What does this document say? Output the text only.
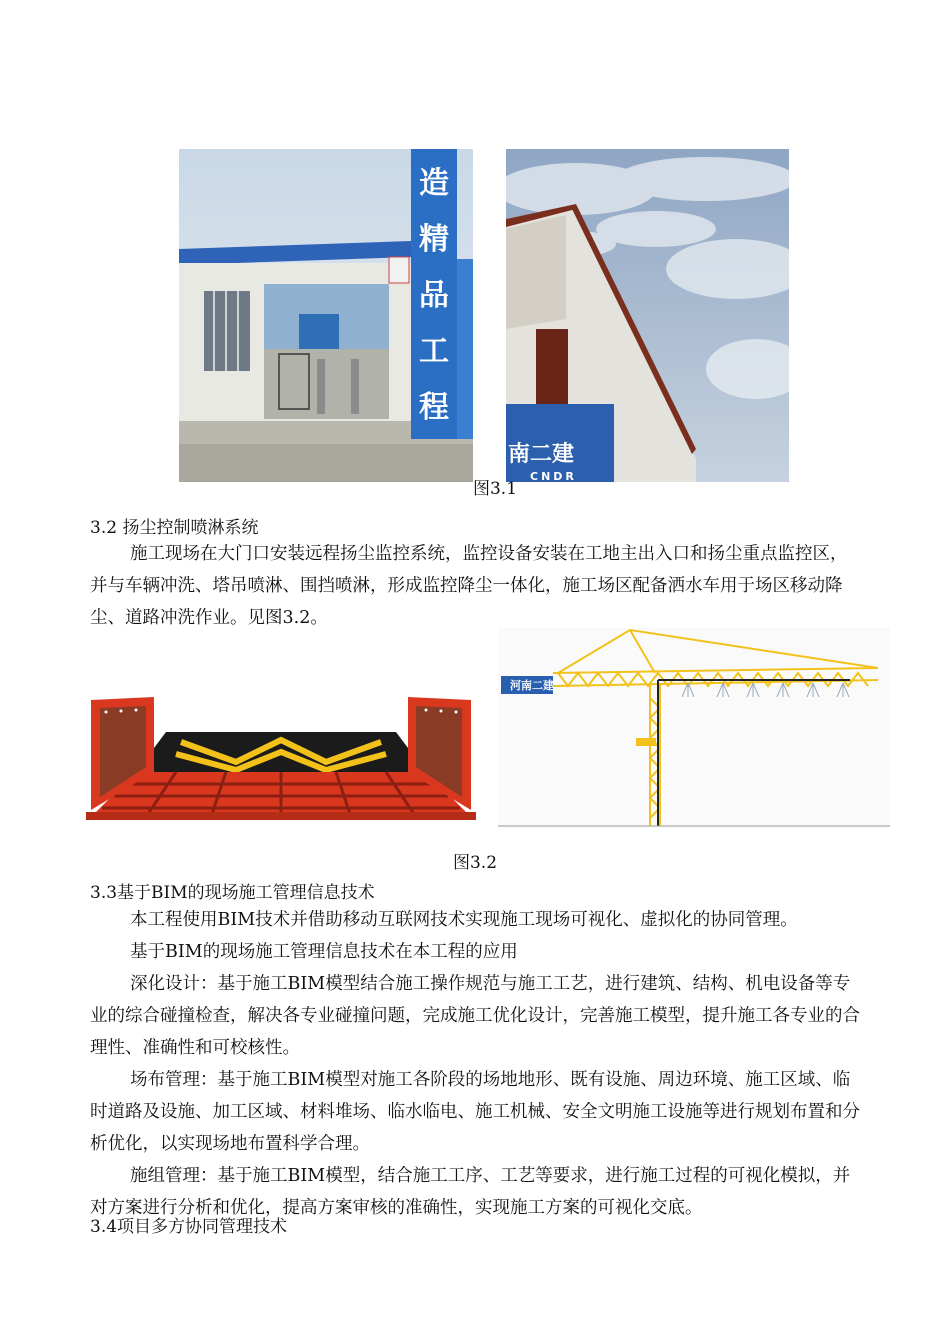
造
精
品
工
程
南二建
CNDR
图3.1
3.2 扬尘控制喷淋系统

施工现场在大门口安装远程扬尘监控系统，监控设备安装在工地主出入口和扬尘重点监控区，并与车辆冲洗、塔吊喷淋、围挡喷淋，形成监控降尘一体化，施工场区配备洒水车用于场区移动降尘、道路冲洗作业。见图3.2。

河南二建
图3.2
3.3基于BIM的现场施工管理信息技术

本工程使用BIM技术并借助移动互联网技术实现施工现场可视化、虚拟化的协同管理。

基于BIM的现场施工管理信息技术在本工程的应用

深化设计：基于施工BIM模型结合施工操作规范与施工工艺，进行建筑、结构、机电设备等专业的综合碰撞检查，解决各专业碰撞问题，完成施工优化设计，完善施工模型，提升施工各专业的合理性、准确性和可校核性。

场布管理：基于施工BIM模型对施工各阶段的场地地形、既有设施、周边环境、施工区域、临时道路及设施、加工区域、材料堆场、临水临电、施工机械、安全文明施工设施等进行规划布置和分析优化，以实现场地布置科学合理。

施组管理：基于施工BIM模型，结合施工工序、工艺等要求，进行施工过程的可视化模拟，并对方案进行分析和优化，提高方案审核的准确性，实现施工方案的可视化交底。

3.4项目多方协同管理技术
